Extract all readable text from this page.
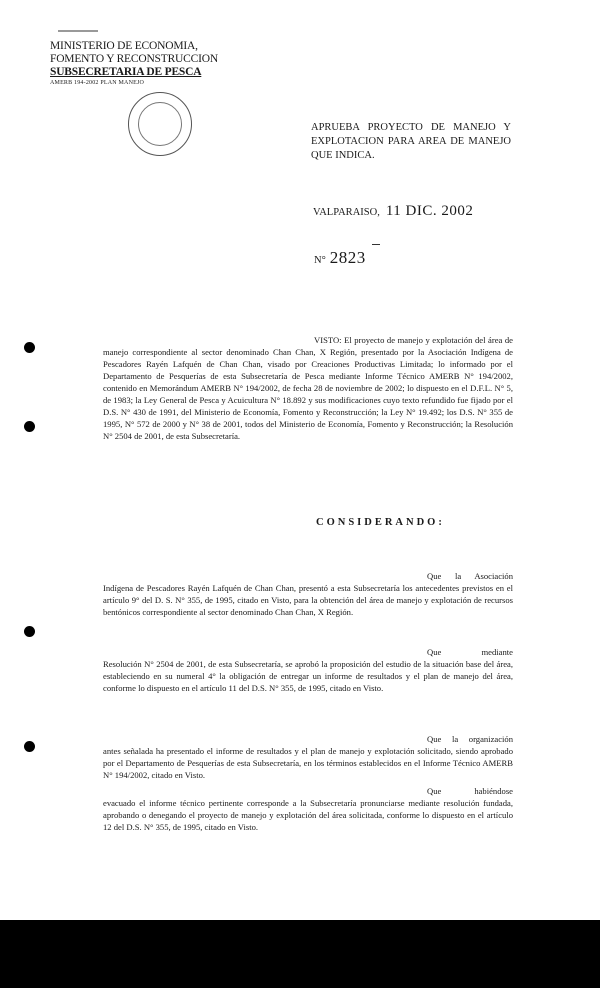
MINISTERIO DE ECONOMIA,
FOMENTO Y RECONSTRUCCION
SUBSECRETARIA DE PESCA
AMERB 194-2002 PLAN MANEJO
APRUEBA PROYECTO DE MANEJO Y EXPLOTACION PARA AREA DE MANEJO QUE INDICA.
VALPARAISO, 11 DIC. 2002
N° 2823
VISTO: El proyecto de manejo y explotación del área de manejo correspondiente al sector denominado Chan Chan, X Región, presentado por la Asociación Indígena de Pescadores Rayén Lafquén de Chan Chan, visado por Creaciones Productivas Limitada; lo informado por el Departamento de Pesquerías de esta Subsecretaría de Pesca mediante Informe Técnico AMERB N° 194/2002, contenido en Memorándum AMERB N° 194/2002, de fecha 28 de noviembre de 2002; lo dispuesto en el D.F.L. N° 5, de 1983; la Ley General de Pesca y Acuicultura N° 18.892 y sus modificaciones cuyo texto refundido fue fijado por el D.S. N° 430 de 1991, del Ministerio de Economía, Fomento y Reconstrucción; la Ley N° 19.492; los D.S. N° 355 de 1995, N° 572 de 2000 y N° 38 de 2001, todos del Ministerio de Economía, Fomento y Reconstrucción; la Resolución N° 2504 de 2001, de esta Subsecretaría.
CONSIDERANDO:
Que la Asociación Indígena de Pescadores Rayén Lafquén de Chan Chan, presentó a esta Subsecretaría los antecedentes previstos en el artículo 9° del D. S. N° 355, de 1995, citado en Visto, para la obtención del área de manejo y explotación de recursos bentónicos correspondiente al sector denominado Chan Chan, X Región.
Que mediante Resolución N° 2504 de 2001, de esta Subsecretaría, se aprobó la proposición del estudio de la situación base del área, estableciendo en su numeral 4° la obligación de entregar un informe de resultados y el plan de manejo del área, conforme lo dispuesto en el artículo 11 del D.S. N° 355, de 1995, citado en Visto.
Que la organización antes señalada ha presentado el informe de resultados y el plan de manejo y explotación solicitado, siendo aprobado por el Departamento de Pesquerías de esta Subsecretaría, en los términos establecidos en el Informe Técnico AMERB N° 194/2002, citado en Visto.
Que habiéndose evacuado el informe técnico pertinente corresponde a la Subsecretaría pronunciarse mediante resolución fundada, aprobando o denegando el proyecto de manejo y explotación del área solicitada, conforme lo dispuesto en el artículo 12 del D.S. N° 355, de 1995, citado en Visto.
